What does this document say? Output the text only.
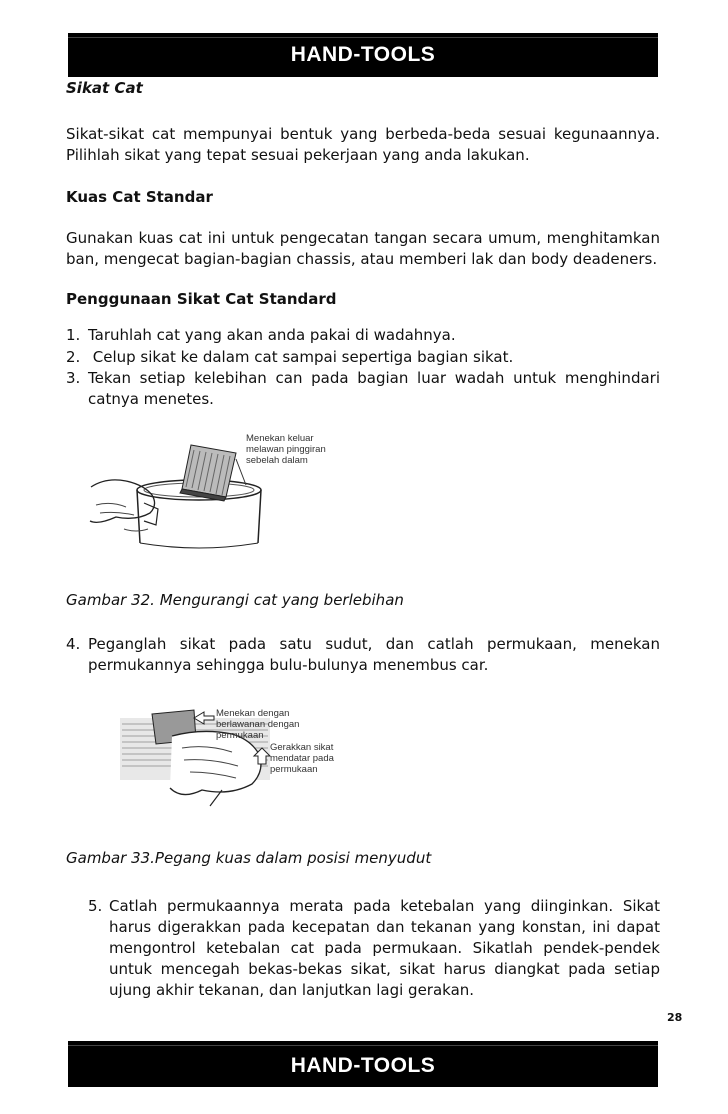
HAND-TOOLS
Sikat Cat
Sikat-sikat cat mempunyai bentuk yang berbeda-beda sesuai kegunaannya. Pilihlah sikat yang tepat sesuai pekerjaan yang anda lakukan.
Kuas Cat Standar
Gunakan kuas cat ini untuk pengecatan tangan secara umum, menghitamkan ban, mengecat bagian-bagian chassis, atau memberi lak dan body deadeners.
Penggunaan Sikat Cat Standard
1. Taruhlah cat yang akan anda pakai di wadahnya.
2. Celup sikat ke dalam cat sampai sepertiga bagian sikat.
3. Tekan setiap kelebihan can pada bagian luar wadah untuk menghindari catnya menetes.
Menekan keluar
melawan pinggiran
sebelah dalam
Gambar 32. Mengurangi cat yang berlebihan
4. Peganglah sikat pada satu sudut, dan catlah permukaan, menekan permukannya sehingga bulu-bulunya menembus car.
Menekan dengan
berlawanan dengan
permukaan
Gerakkan sikat
mendatar pada
permukaan
Gambar 33.Pegang kuas dalam posisi menyudut
5. Catlah permukaannya merata pada ketebalan yang diinginkan. Sikat harus digerakkan pada kecepatan dan tekanan yang konstan, ini dapat mengontrol ketebalan cat pada permukaan. Sikatlah pendek-pendek untuk mencegah bekas-bekas sikat, sikat harus diangkat pada setiap ujung akhir tekanan, dan lanjutkan lagi gerakan.
28
HAND-TOOLS
